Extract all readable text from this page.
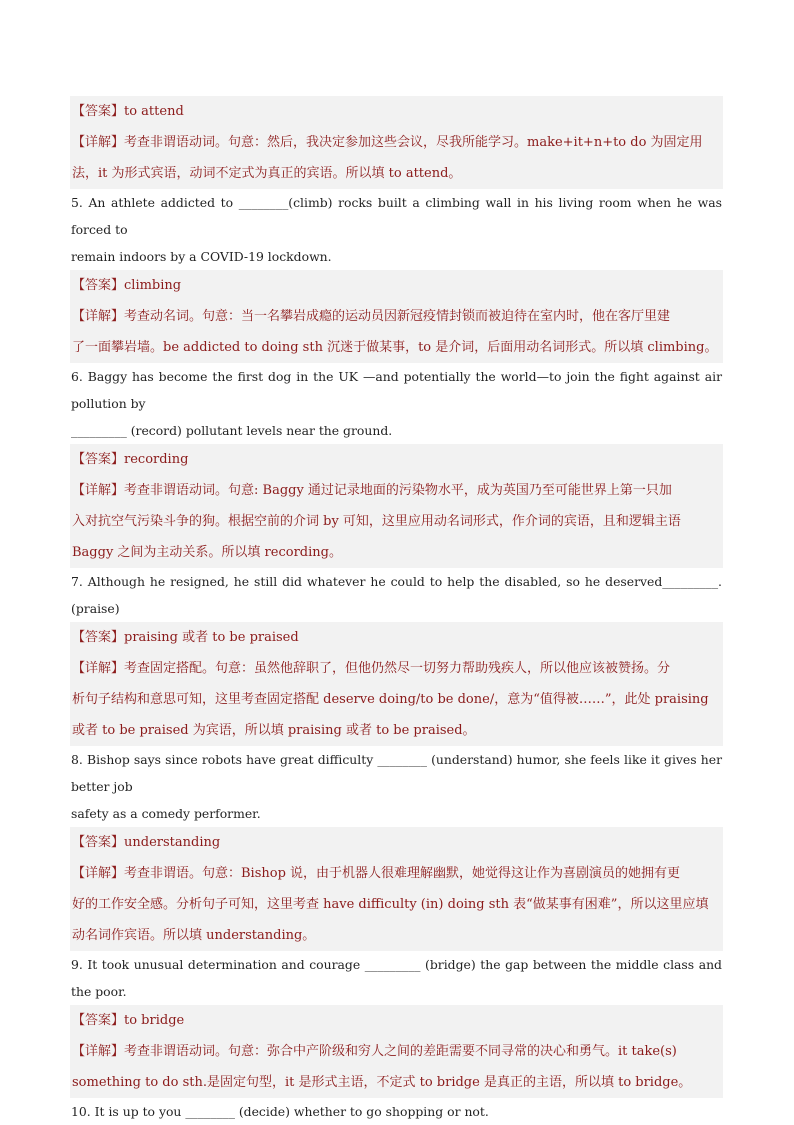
【答案】to attend
【详解】考查非谓语动词。句意：然后，我决定参加这些会议，尽我所能学习。make+it+n+to do 为固定用
法，it 为形式宾语，动词不定式为真正的宾语。所以填 to attend。
5. An athlete addicted to ________(climb) rocks built a climbing wall in his living room when he was forced to
remain indoors by a COVID-19 lockdown.
【答案】climbing
【详解】考查动名词。句意：当一名攀岩成瘾的运动员因新冠疫情封锁而被迫待在室内时，他在客厅里建
了一面攀岩墙。be addicted to doing sth 沉迷于做某事，to 是介词，后面用动名词形式。所以填 climbing。
6. Baggy has become the first dog in the UK —and potentially the world—to join the fight against air pollution by
_________ (record) pollutant levels near the ground.
【答案】recording
【详解】考查非谓语动词。句意: Baggy 通过记录地面的污染物水平，成为英国乃至可能世界上第一只加
入对抗空气污染斗争的狗。根据空前的介词 by 可知，这里应用动名词形式，作介词的宾语，且和逻辑主语
Baggy 之间为主动关系。所以填 recording。
7. Although he resigned, he still did whatever he could to help the disabled, so he deserved_________.(praise)
【答案】praising 或者 to be praised
【详解】考查固定搭配。句意：虽然他辞职了，但他仍然尽一切努力帮助残疾人，所以他应该被赞扬。分
析句子结构和意思可知，这里考查固定搭配 deserve doing/to be done/，意为“值得被……”，此处 praising
或者 to be praised 为宾语，所以填 praising 或者 to be praised。
8. Bishop says since robots have great difficulty ________ (understand) humor, she feels like it gives her better job
safety as a comedy performer.
【答案】understanding
【详解】考查非谓语。句意：Bishop 说，由于机器人很难理解幽默，她觉得这让作为喜剧演员的她拥有更
好的工作安全感。分析句子可知，这里考查 have difficulty (in) doing sth 表“做某事有困难”，所以这里应填
动名词作宾语。所以填 understanding。
9. It took unusual determination and courage _________ (bridge) the gap between the middle class and the poor.
【答案】to bridge
【详解】考查非谓语动词。句意：弥合中产阶级和穷人之间的差距需要不同寻常的决心和勇气。it take(s)
something to do sth.是固定句型，it 是形式主语，不定式 to bridge 是真正的主语，所以填 to bridge。
10. It is up to you ________ (decide) whether to go shopping or not.
